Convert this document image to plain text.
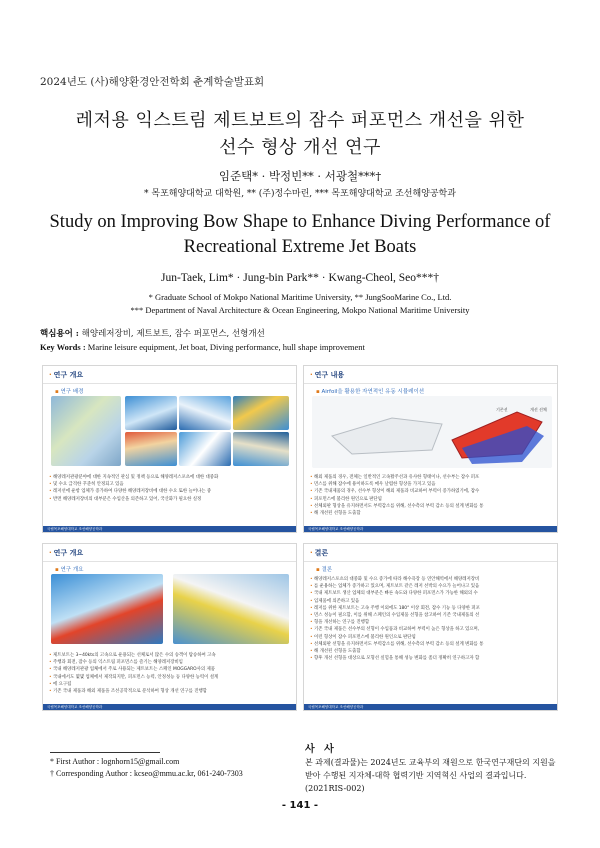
2024년도 (사)해양환경안전학회 춘계학술발표회
레저용 익스트림 제트보트의 잠수 퍼포먼스 개선을 위한
선수 형상 개선 연구
임준택* · 박정빈** · 서광철***†
* 목포해양대학교 대학원, ** (주)정수마린, *** 목포해양대학교 조선해양공학과
Study on Improving Bow Shape to Enhance Diving Performance of
Recreational Extreme Jet Boats
Jun-Taek, Lim* · Jung-bin Park** · Kwang-Cheol, Seo***†
* Graduate School of Mokpo National Maritime University, ** JungSooMarine Co., Ltd.
*** Department of Naval Architecture & Ocean Engineering, Mokpo National Maritime University
핵심용어 : 해양레저장비, 제트보트, 잠수 퍼포먼스, 선형개선
Key Words : Marine leisure equipment, Jet boat, Diving performance, hull shape improvement
· 연구 개요
▪ 연구 배경
• 해양레저관광분야에 대한 지속적인 관심 및 정책 등으로 해양레저스포츠에 대한 대중화
• 및 수요 급격한 꾸준히 안정되고 있음
• 레저선에 운항 업체가 증가하여 다양한 해양레저장비에 대한 수요 또한 늘어나는 중
• 반면 해양레저장비의 대부분은 수입산을 의존하고 있어, 국산화가 필요한 실정
국립목포해양대학교 조선해양공학과
· 연구 내용
▪ Airfoil을 활용한 자연적인 유동 시뮬레이션
기존선	개선 선체
• 해외 제품의 경우, 전체는 일반적인 고속활주선과 유사한 형태이나, 선수부는 잠수 퍼포
• 먼스를 위해 잠수에 용이하도록 매우 날렵한 형상을 가지고 있음
• 기존 국내제품의 경우, 선수부 형상이 해외 제품과 비교하여 부력이 증가하였기에, 잠수
• 퍼포먼스에 불리한 원인으로 판단됨
• 선체외판 형상을 유지하면서도 부력감소를 위해, 선수측의 부력 감소 등의 설계 변화를 통
• 해 개선된 선형을 도출함
국립목포해양대학교 조선해양공학과
· 연구 개요
▪ 연구 개요
• 제트보트는 3~40kts의 고속으로 운용되는 선체로서 많은 수의 승객이 탑승하여 고속
• 주행과 회전, 잠수 등의 익스트림 퍼포먼스를 즐기는 해양레저장비임
• 국내 해양레저관광 업체에서 주로 사용되는 제트보트는 스페인 MOGGARO사의 제품
• 국내에서도 몇몇 업체에서 제작되지만, 퍼포먼스 능력, 안정성능 등 다양한 능력이 설계
• 에 요구됨
• 기존 국내 제품과 해외 제품을 조선공학적으로 분석하여 형상 개선 연구를 진행함
국립목포해양대학교 조선해양공학과
· 결론
▪ 결론
• 해양레저스포츠의 대중화 및 수요 증가에 따라 해수욕장 등 연안해역에서 해양레저장비
• 를 운용하는 업체가 증가하고 있으며, 제트보트 같은 레저 선박의 수요가 늘어나고 있음
• 국내 제트보트 생산 업체의 대부분은 빠른 속도와 다양한 퍼포먼스가 가능한 해외의 수
• 입제품에 의존하고 있음
• 레저를 위한 제트보트는 고속 주행 이외에도 180° 이상 회전, 잠수 기능 등 다양한 퍼포
• 먼스 성능이 필요함, 이를 위해 스페인의 수입제품 선형을 참고하여 기존 국내제품의 선
• 형을 개선하는 연구를 진행함
• 기존 국내 제품은 선수부의 선형이 수입품과 비교하여 부력이 높은 형상을 하고 있으며,
• 이런 형상이 잠수 퍼포먼스에 불리한 원인으로 판단됨
• 선체외판 선형을 유지하면서도 부력감소를 위해, 선수측의 부력 감소 등의 설계 변화를 통
• 해 개선된 선형을 도출함
• 향후 개선 선형을 대상으로 모형선 실험을 통해 성능 변화를 좀더 정확히 연구하고자 함
국립목포해양대학교 조선해양공학과
* First Author : lognhorn15@gmail.com
† Corresponding Author : kcseo@mmu.ac.kr, 061-240-7303
사 사
본 과제(결과물)는 2024년도 교육부의 재원으로 한국연구재단의 지원을 받아 수행된 지자체-대학 협력기반 지역혁신 사업의 결과입니다. (2021RIS-002)
- 141 -
